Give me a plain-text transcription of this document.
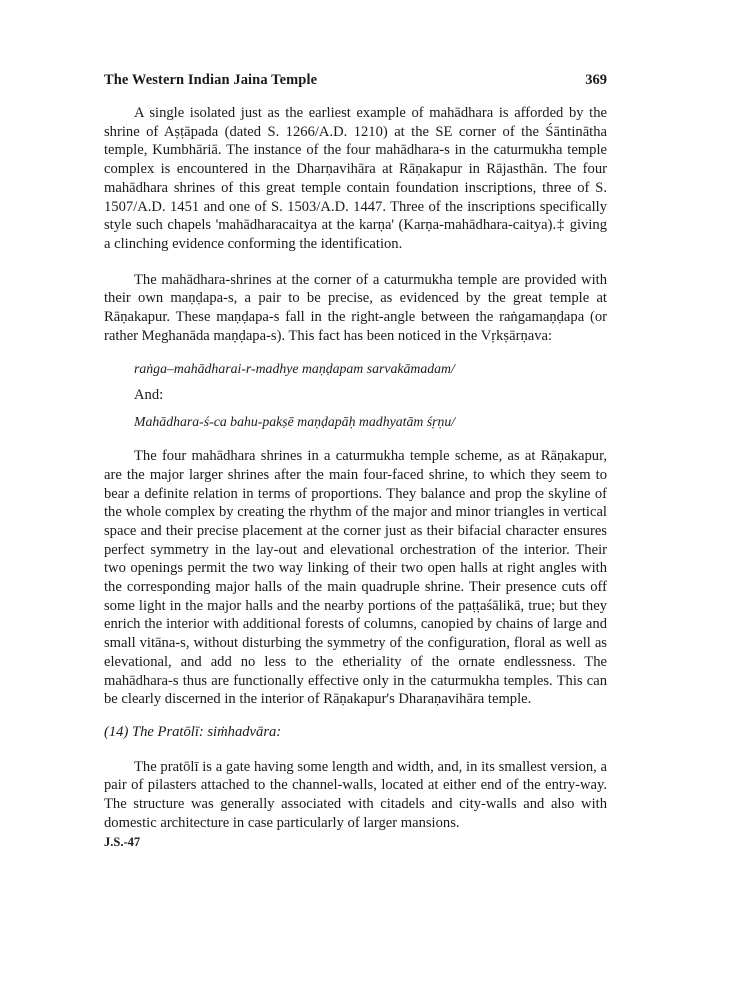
The Western Indian Jaina Temple	369

A single isolated just as the earliest example of mahādhara is afforded by the shrine of Aṣṭāpada (dated S. 1266/A.D. 1210) at the SE corner of the Śāntinātha temple, Kumbhāriā. The instance of the four mahādhara-s in the caturmukha temple complex is encountered in the Dharṇavihāra at Rāṇakapur in Rājasthān. The four mahādhara shrines of this great temple contain foundation inscriptions, three of S. 1507/A.D. 1451 and one of S. 1503/A.D. 1447. Three of the inscriptions specifically style such chapels 'mahādharacaitya at the karṇa' (Karṇa-mahādhara-caitya).‡ giving a clinching evidence conforming the identification.

The mahādhara-shrines at the corner of a caturmukha temple are provided with their own maṇḍapa-s, a pair to be precise, as evidenced by the great temple at Rāṇakapur. These maṇḍapa-s fall in the right-angle between the raṅgamaṇḍapa (or rather Meghanāda maṇḍapa-s). This fact has been noticed in the Vṛkṣārṇava:

raṅga–mahādharai-r-madhye maṇḍapam sarvakāmadam/

And:

Mahādhara-ś-ca bahu-pakṣē maṇḍapāḥ madhyatām śṛṇu/

The four mahādhara shrines in a caturmukha temple scheme, as at Rāṇakapur, are the major larger shrines after the main four-faced shrine, to which they seem to bear a definite relation in terms of proportions. They balance and prop the skyline of the whole complex by creating the rhythm of the major and minor triangles in vertical space and their precise placement at the corner just as their bifacial character ensures perfect symmetry in the lay-out and elevational orchestration of the interior. Their two openings permit the two way linking of their two open halls at right angles with the corresponding major halls of the main quadruple shrine. Their presence cuts off some light in the major halls and the nearby portions of the paṭṭaśālikā, true; but they enrich the interior with additional forests of columns, canopied by chains of large and small vitāna-s, without disturbing the symmetry of the configuration, floral as well as elevational, and add no less to the etheriality of the ornate endlessness. The mahādhara-s thus are functionally effective only in the caturmukha temples. This can be clearly discerned in the interior of Rāṇakapur's Dharaṇavihāra temple.

(14) The Pratōlī: siṁhadvāra:

The pratōlī is a gate having some length and width, and, in its smallest version, a pair of pilasters attached to the channel-walls, located at either end of the entry-way. The structure was generally associated with citadels and city-walls and also with domestic architecture in case particularly of larger mansions.

J.S.-47
